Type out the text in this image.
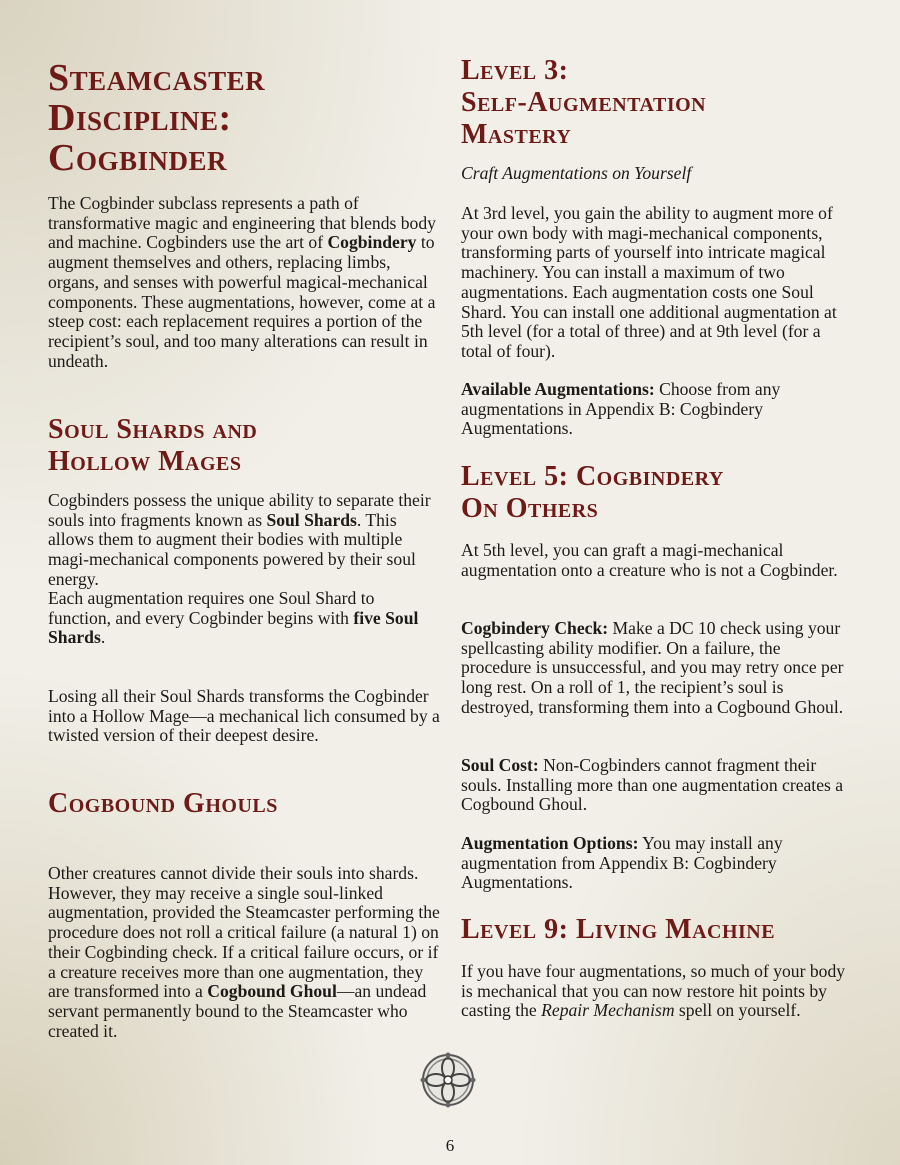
Steamcaster
Discipline:
Cogbinder

The Cogbinder subclass represents a path of transformative magic and engineering that blends body and machine. Cogbinders use the art of Cogbindery to augment themselves and others, replacing limbs, organs, and senses with powerful magical-mechanical components. These augmentations, however, come at a steep cost: each replacement requires a portion of the recipient’s soul, and too many alterations can result in undeath.

Soul Shards and
Hollow Mages

Cogbinders possess the unique ability to separate their souls into fragments known as Soul Shards. This allows them to augment their bodies with multiple magi-mechanical components powered by their soul energy.

Each augmentation requires one Soul Shard to function, and every Cogbinder begins with five Soul Shards.

Losing all their Soul Shards transforms the Cogbinder into a Hollow Mage—a mechanical lich consumed by a twisted version of their deepest desire.

Cogbound Ghouls

Other creatures cannot divide their souls into shards. However, they may receive a single soul-linked augmentation, provided the Steamcaster performing the procedure does not roll a critical failure (a natural 1) on their Cogbinding check. If a critical failure occurs, or if a creature receives more than one augmentation, they are transformed into a Cogbound Ghoul—an undead servant permanently bound to the Steamcaster who created it.

Level 3:
Self-Augmentation
Mastery

Craft Augmentations on Yourself

At 3rd level, you gain the ability to augment more of your own body with magi-mechanical components, transforming parts of yourself into intricate magical machinery. You can install a maximum of two augmentations. Each augmentation costs one Soul Shard. You can install one additional augmentation at 5th level (for a total of three) and at 9th level (for a total of four).

Available Augmentations: Choose from any augmentations in Appendix B: Cogbindery Augmentations.

Level 5: Cogbindery
On Others

At 5th level, you can graft a magi-mechanical augmentation onto a creature who is not a Cogbinder.

Cogbindery Check: Make a DC 10 check using your spellcasting ability modifier. On a failure, the procedure is unsuccessful, and you may retry once per long rest. On a roll of 1, the recipient’s soul is destroyed, transforming them into a Cogbound Ghoul.

Soul Cost: Non-Cogbinders cannot fragment their souls. Installing more than one augmentation creates a Cogbound Ghoul.

Augmentation Options: You may install any augmentation from Appendix B: Cogbindery Augmentations.

Level 9: Living Machine

If you have four augmentations, so much of your body is mechanical that you can now restore hit points by casting the Repair Mechanism spell on yourself.

6
